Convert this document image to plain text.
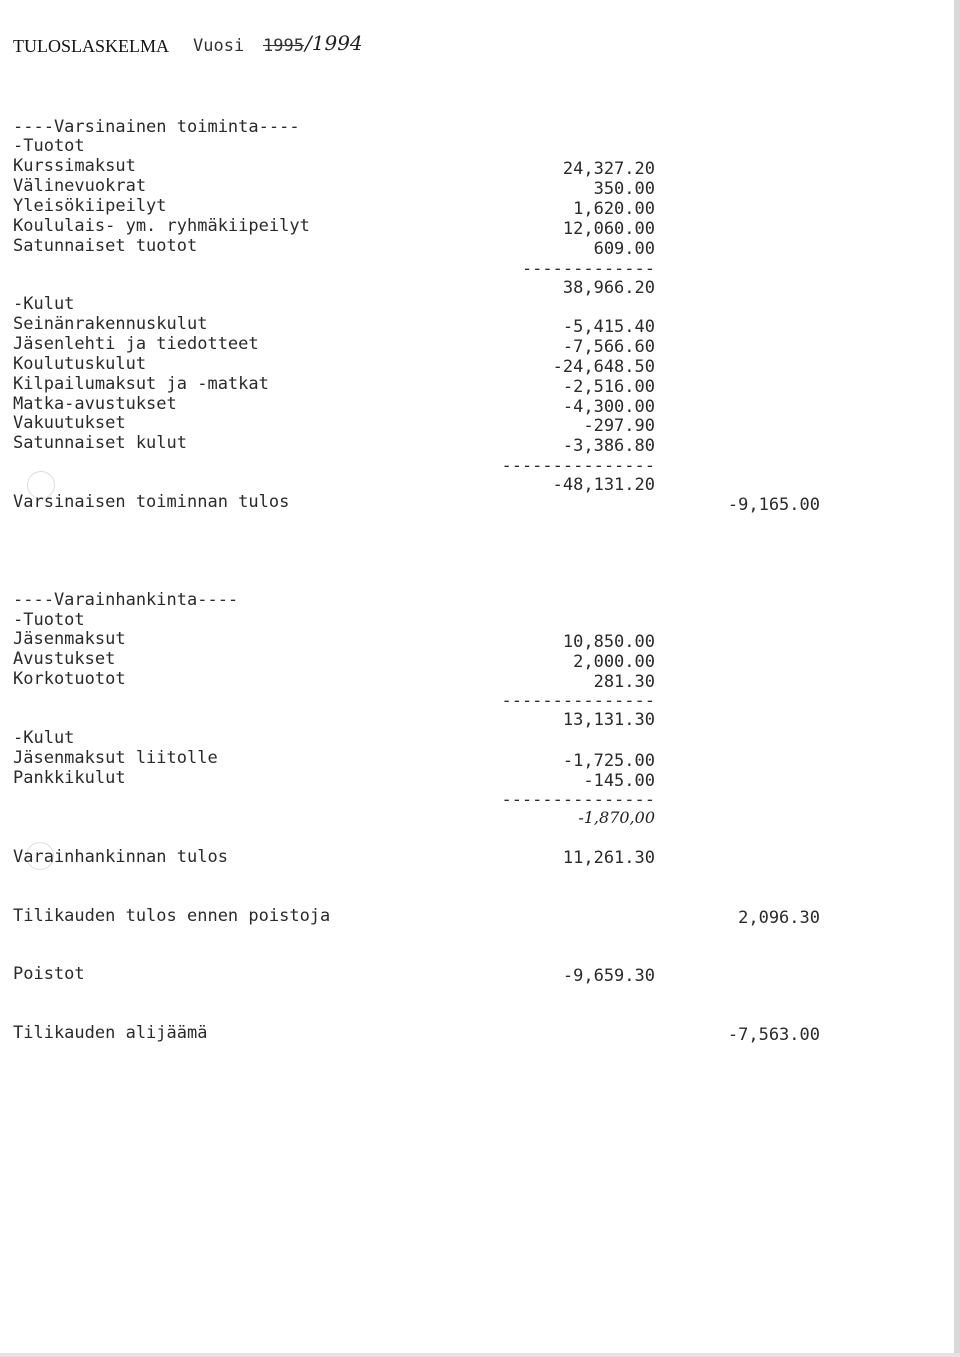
TULOSLASKELMA Vuosi 1995 /1994
----Varsinainen toiminta----
-Tuotot
Kurssimaksut	24,327.20
Välinevuokrat	350.00
Yleisökiipeilyt	1,620.00
Koululais- ym. ryhmäkiipeilyt	12,060.00
Satunnaiset tuotot	609.00
-------------
38,966.20
-Kulut
Seinänrakennuskulut	-5,415.40
Jäsenlehti ja tiedotteet	-7,566.60
Koulutuskulut	-24,648.50
Kilpailumaksut ja -matkat	-2,516.00
Matka-avustukset	-4,300.00
Vakuutukset	-297.90
Satunnaiset kulut	-3,386.80
---------------
-48,131.20
Varsinaisen toiminnan tulos	-9,165.00
----Varainhankinta----
-Tuotot
Jäsenmaksut	10,850.00
Avustukset	2,000.00
Korkotuotot	281.30
---------------
13,131.30
-Kulut
Jäsenmaksut liitolle	-1,725.00
Pankkikulut	-145.00
---------------
-1,870,00
Varainhankinnan tulos	11,261.30
Tilikauden tulos ennen poistoja	2,096.30
Poistot	-9,659.30
Tilikauden alijäämä	-7,563.00
